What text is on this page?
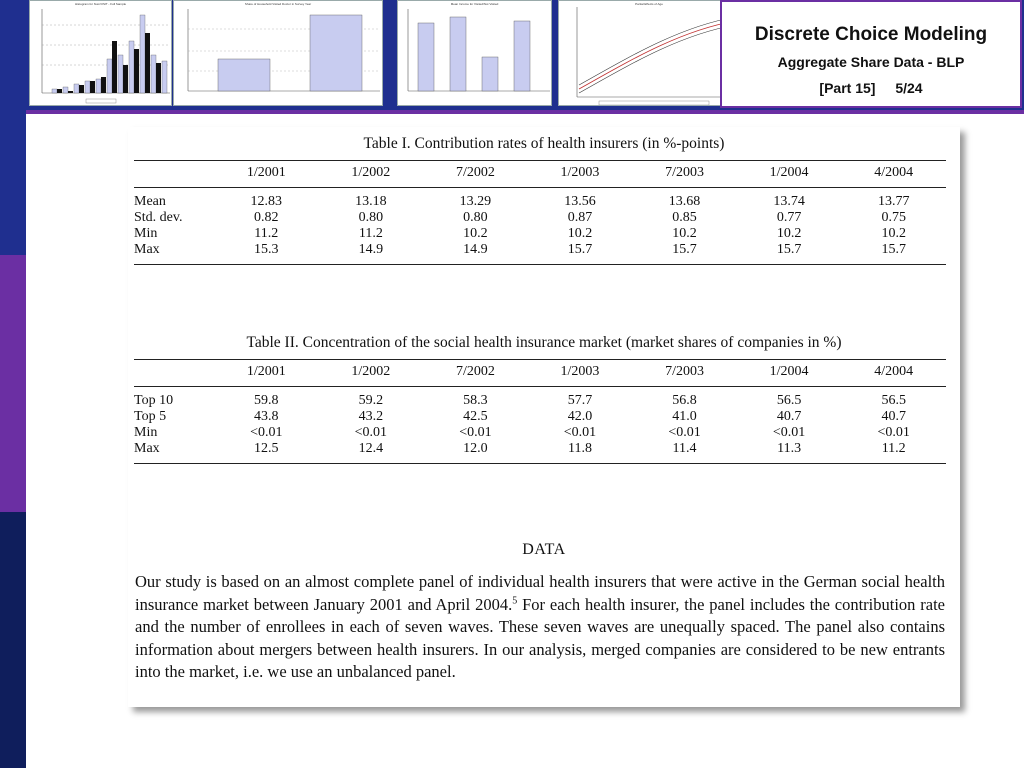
Histogram for NumVISIT - Full Sample	Share of Household Visited Doctor in Survey Year	Mean Income for Visited/Not Visited	Partial Effects of Age
Discrete Choice Modeling
Aggregate Share Data - BLP
[Part 15] 5/24
Table I. Contribution rates of health insurers (in %-points)
	1/2001	1/2002	7/2002	1/2003	7/2003	1/2004	4/2004
Mean	12.83	13.18	13.29	13.56	13.68	13.74	13.77
Std. dev.	0.82	0.80	0.80	0.87	0.85	0.77	0.75
Min	11.2	11.2	10.2	10.2	10.2	10.2	10.2
Max	15.3	14.9	14.9	15.7	15.7	15.7	15.7
Table II. Concentration of the social health insurance market (market shares of companies in %)
	1/2001	1/2002	7/2002	1/2003	7/2003	1/2004	4/2004
Top 10	59.8	59.2	58.3	57.7	56.8	56.5	56.5
Top 5	43.8	43.2	42.5	42.0	41.0	40.7	40.7
Min	<0.01	<0.01	<0.01	<0.01	<0.01	<0.01	<0.01
Max	12.5	12.4	12.0	11.8	11.4	11.3	11.2
DATA
Our study is based on an almost complete panel of individual health insurers that were active in the German social health insurance market between January 2001 and April 2004.$^5$ For each health insurer, the panel includes the contribution rate and the number of enrollees in each of seven waves. These seven waves are unequally spaced. The panel also contains information about mergers between health insurers. In our analysis, merged companies are considered to be new entrants into the market, i.e. we use an unbalanced panel.
